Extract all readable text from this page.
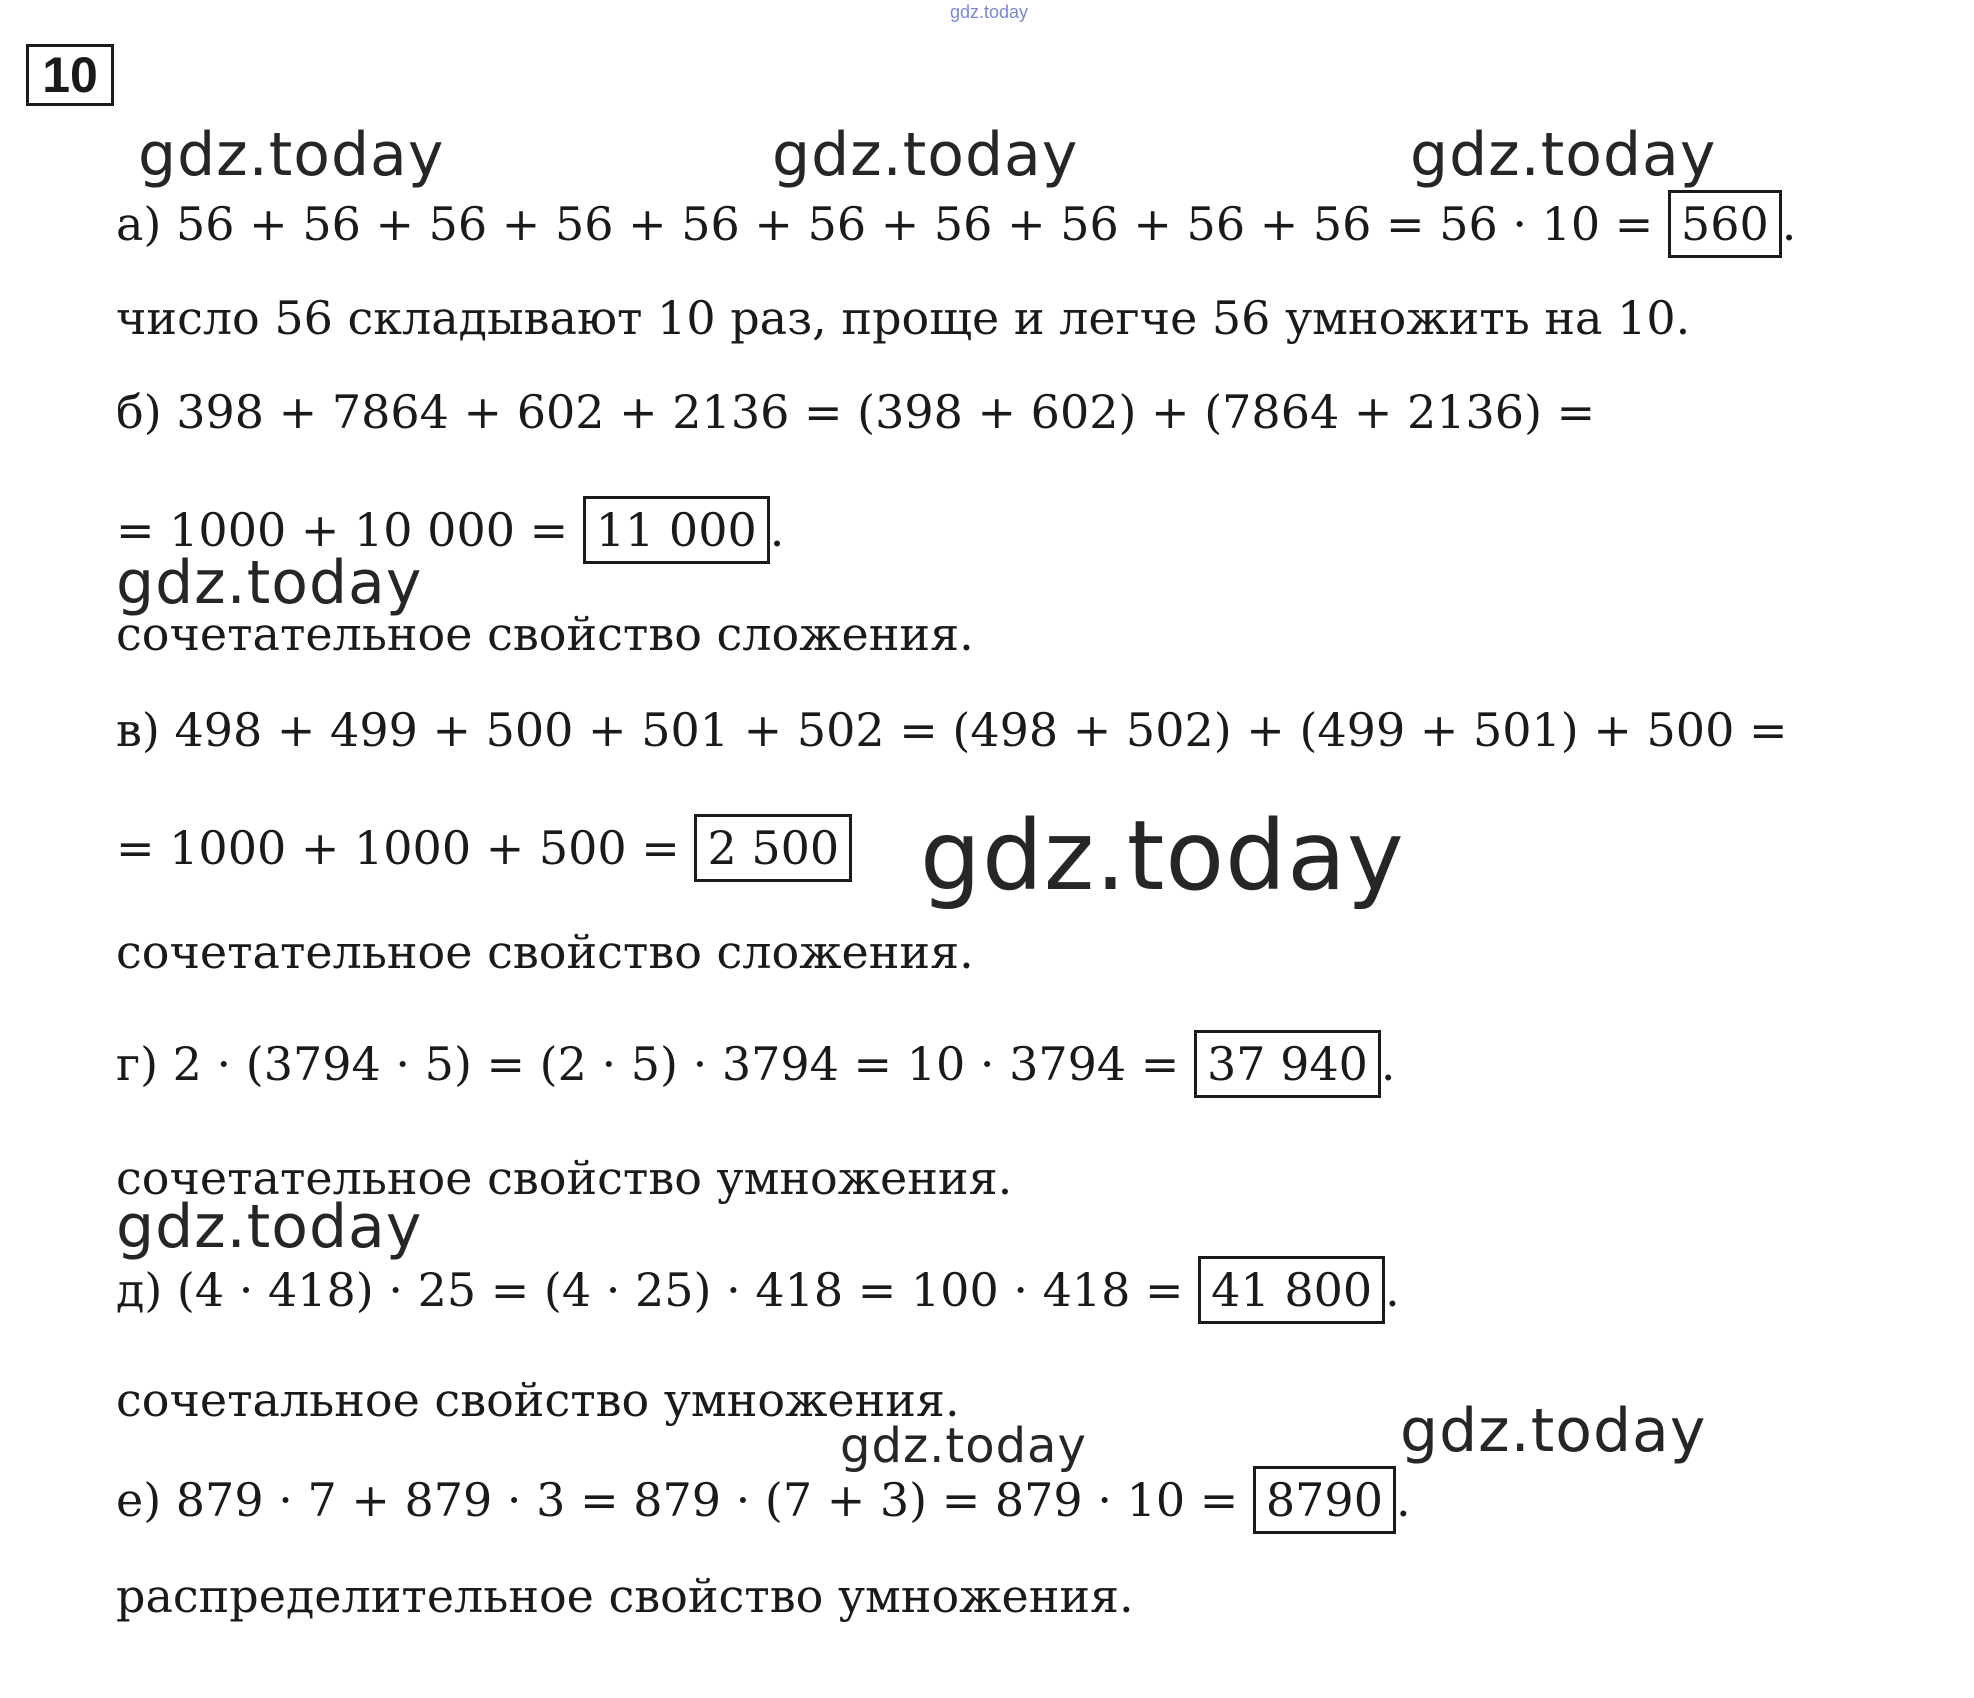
gdz.today
10
gdz.today	gdz.today	gdz.today
gdz.today
gdz.today
gdz.today
gdz.today
gdz.today
а) 56 + 56 + 56 + 56 + 56 + 56 + 56 + 56 + 56 + 56 = 56 · 10 = 560 .
число 56 складывают 10 раз, проще и легче 56 умножить на 10.
б) 398 + 7864 + 602 + 2136 = (398 + 602) + (7864 + 2136) =
= 1000 + 10 000 = 11 000 .
сочетательное свойство сложения.
в) 498 + 499 + 500 + 501 + 502 = (498 + 502) + (499 + 501) + 500 =
= 1000 + 1000 + 500 = 2 500
сочетательное свойство сложения.
г) 2 · (3794 · 5) = (2 · 5) · 3794 = 10 · 3794 = 37 940 .
сочетательное свойство умножения.
д) (4 · 418) · 25 = (4 · 25) · 418 = 100 · 418 = 41 800 .
сочетальное свойство умножения.
е) 879 · 7 + 879 · 3 = 879 · (7 + 3) = 879 · 10 = 8790 .
распределительное свойство умножения.
